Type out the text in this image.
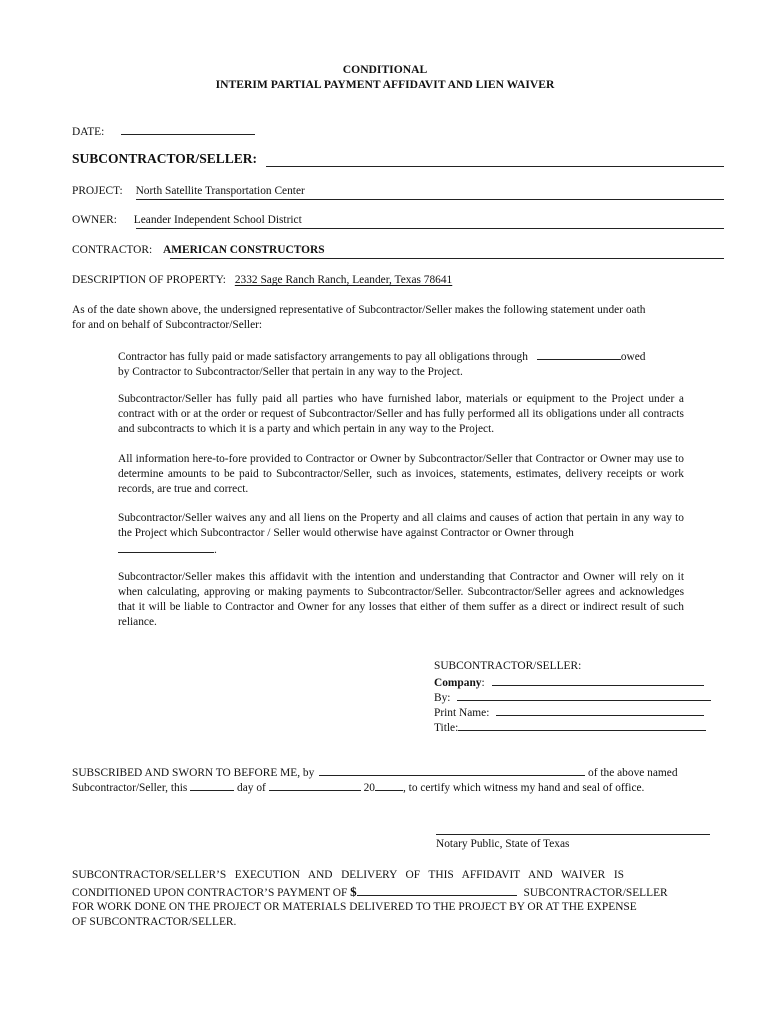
CONDITIONAL
INTERIM PARTIAL PAYMENT AFFIDAVIT AND LIEN WAIVER
DATE:
SUBCONTRACTOR/SELLER:
PROJECT: North Satellite Transportation Center
OWNER: Leander Independent School District
CONTRACTOR: AMERICAN CONSTRUCTORS
DESCRIPTION OF PROPERTY: 2332 Sage Ranch Ranch, Leander, Texas 78641
As of the date shown above, the undersigned representative of Subcontractor/Seller makes the following statement under oath
for and on behalf of Subcontractor/Seller:
Contractor has fully paid or made satisfactory arrangements to pay all obligations through	owed
by Contractor to Subcontractor/Seller that pertain in any way to the Project.
Subcontractor/Seller has fully paid all parties who have furnished labor, materials or equipment to the Project under a contract with or at the order or request of Subcontractor/Seller and has fully performed all its obligations under all contracts and subcontracts to which it is a party and which pertain in any way to the Project.
All information here-to-fore provided to Contractor or Owner by Subcontractor/Seller that Contractor or Owner may use to determine amounts to be paid to Subcontractor/Seller, such as invoices, statements, estimates, delivery receipts or work records, are true and correct.
Subcontractor/Seller waives any and all liens on the Property and all claims and causes of action that pertain in any way to the Project which Subcontractor / Seller would otherwise have against Contractor or Owner through
.
Subcontractor/Seller makes this affidavit with the intention and understanding that Contractor and Owner will rely on it when calculating, approving or making payments to Subcontractor/Seller. Subcontractor/Seller agrees and acknowledges that it will be liable to Contractor and Owner for any losses that either of them suffer as a direct or indirect result of such reliance.
SUBCONTRACTOR/SELLER:
Company:
By:
Print Name:
Title:
SUBSCRIBED AND SWORN TO BEFORE ME, by	of the above named
Subcontractor/Seller, this	day of	20 , to certify which witness my hand and seal of office.
Notary Public, State of Texas
SUBCONTRACTOR/SELLER’S   EXECUTION   AND   DELIVERY   OF   THIS   AFFIDAVIT   AND   WAIVER   IS
CONDITIONED UPON CONTRACTOR’S PAYMENT OF $	SUBCONTRACTOR/SELLER
FOR WORK DONE ON THE PROJECT OR MATERIALS DELIVERED TO THE PROJECT BY OR AT THE EXPENSE
OF SUBCONTRACTOR/SELLER.
